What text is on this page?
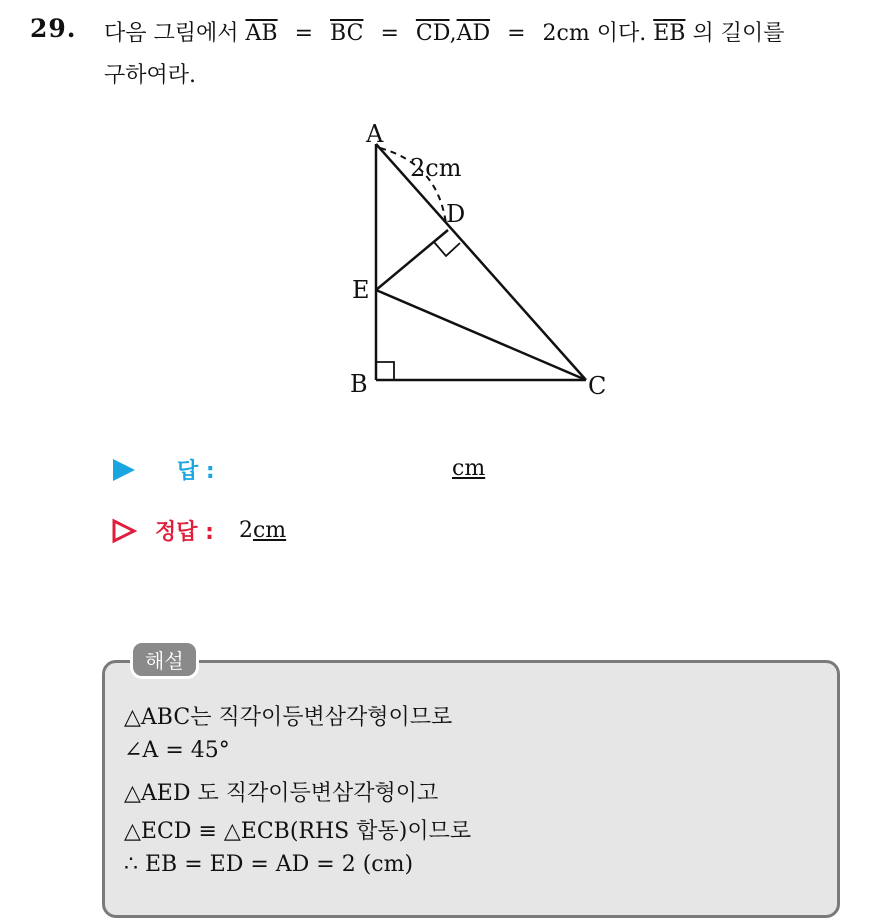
29. 다음 그림에서 $\overline{AB} = \overline{BC} = \overline{CD},\overline{AD} = 2cm$ 이다. $\overline{EB}$ 의 길이를
구하여라.
A
B	C
D
E
2cm
답 :	cm
정답 : 2cm
해설
△ABC는 직각이등변삼각형이므로
∠A = 45°
△AED 도 직각이등변삼각형이고
△ECD ≡ △ECB(RHS 합동)이므로
∴ EB = ED = AD = 2 (cm)
